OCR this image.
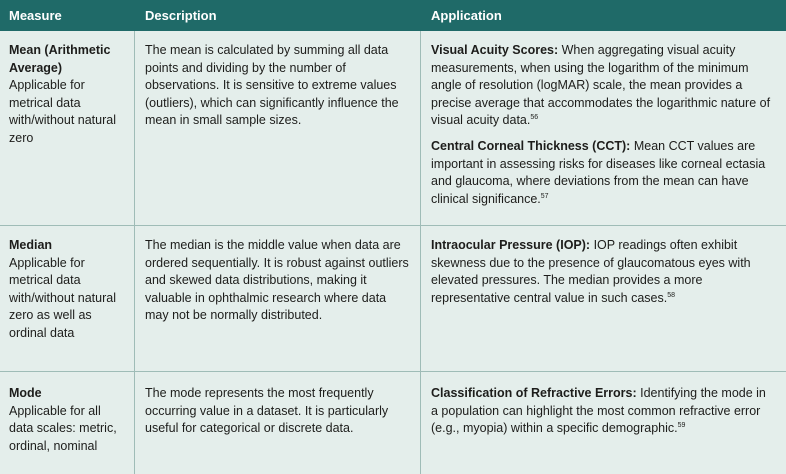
Measure	Description	Application
Mean (Arithmetic Average)
Applicable for metrical data with/without natural zero
The mean is calculated by summing all data points and dividing by the number of observations. It is sensitive to extreme values (outliers), which can significantly influence the mean in small sample sizes.
Visual Acuity Scores: When aggregating visual acuity measurements, when using the logarithm of the minimum angle of resolution (logMAR) scale, the mean provides a precise average that accommodates the logarithmic nature of visual acuity data.$^{56}$
Central Corneal Thickness (CCT): Mean CCT values are important in assessing risks for diseases like corneal ectasia and glaucoma, where deviations from the mean can have clinical significance.$^{57}$
Median
Applicable for metrical data with/without natural zero as well as ordinal data
The median is the middle value when data are ordered sequentially. It is robust against outliers and skewed data distributions, making it valuable in ophthalmic research where data may not be normally distributed.
Intraocular Pressure (IOP): IOP readings often exhibit skewness due to the presence of glaucomatous eyes with elevated pressures. The median provides a more representative central value in such cases.$^{58}$
Mode
Applicable for all data scales: metric, ordinal, nominal
The mode represents the most frequently occurring value in a dataset. It is particularly useful for categorical or discrete data.
Classification of Refractive Errors: Identifying the mode in a population can highlight the most common refractive error (e.g., myopia) within a specific demographic.$^{59}$
